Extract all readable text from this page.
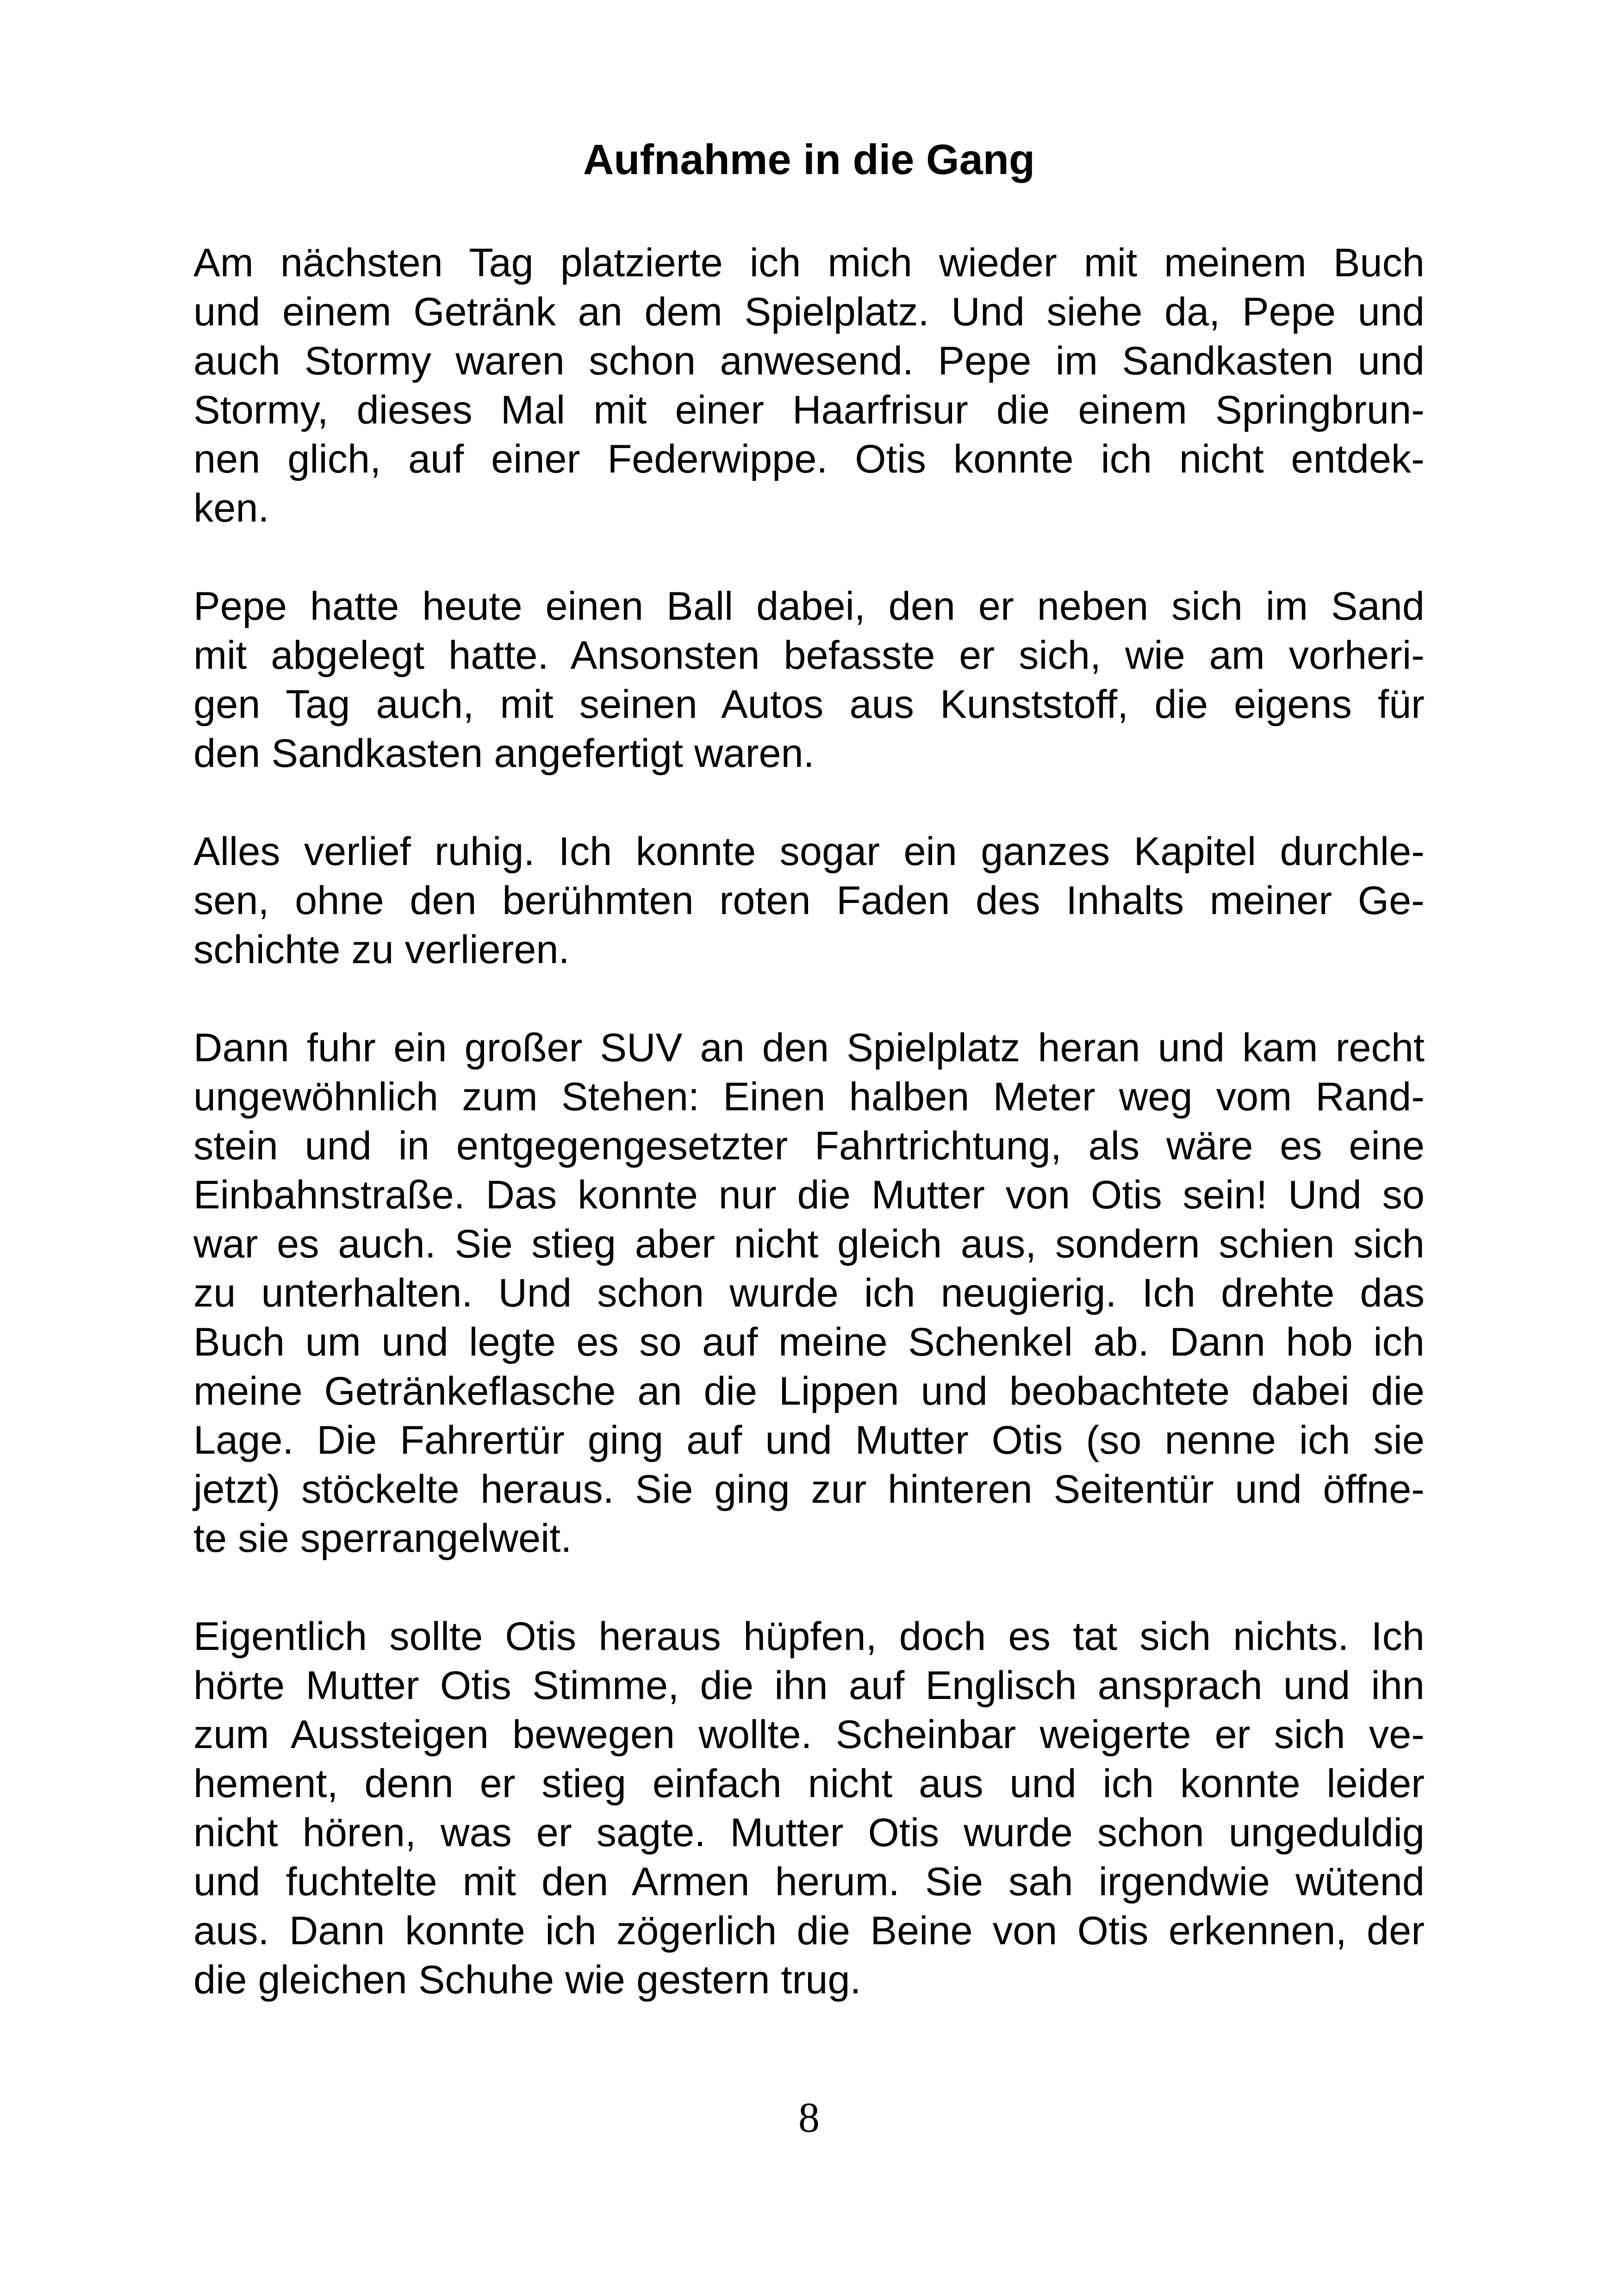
Aufnahme in die Gang

Am nächsten Tag platzierte ich mich wieder mit meinem Buch
und einem Getränk an dem Spielplatz. Und siehe da, Pepe und
auch Stormy waren schon anwesend. Pepe im Sandkasten und
Stormy, dieses Mal mit einer Haarfrisur die einem Springbrun-
nen glich, auf einer Federwippe. Otis konnte ich nicht entdek-
ken.

Pepe hatte heute einen Ball dabei, den er neben sich im Sand
mit abgelegt hatte. Ansonsten befasste er sich, wie am vorheri-
gen Tag auch, mit seinen Autos aus Kunststoff, die eigens für
den Sandkasten angefertigt waren.

Alles verlief ruhig. Ich konnte sogar ein ganzes Kapitel durchle-
sen, ohne den berühmten roten Faden des Inhalts meiner Ge-
schichte zu verlieren.

Dann fuhr ein großer SUV an den Spielplatz heran und kam recht
ungewöhnlich zum Stehen: Einen halben Meter weg vom Rand-
stein und in entgegengesetzter Fahrtrichtung, als wäre es eine
Einbahnstraße. Das konnte nur die Mutter von Otis sein! Und so
war es auch. Sie stieg aber nicht gleich aus, sondern schien sich
zu unterhalten. Und schon wurde ich neugierig. Ich drehte das
Buch um und legte es so auf meine Schenkel ab. Dann hob ich
meine Getränkeflasche an die Lippen und beobachtete dabei die
Lage. Die Fahrertür ging auf und Mutter Otis (so nenne ich sie
jetzt) stöckelte heraus. Sie ging zur hinteren Seitentür und öffne-
te sie sperrangelweit.

Eigentlich sollte Otis heraus hüpfen, doch es tat sich nichts. Ich
hörte Mutter Otis Stimme, die ihn auf Englisch ansprach und ihn
zum Aussteigen bewegen wollte. Scheinbar weigerte er sich ve-
hement, denn er stieg einfach nicht aus und ich konnte leider
nicht hören, was er sagte. Mutter Otis wurde schon ungeduldig
und fuchtelte mit den Armen herum. Sie sah irgendwie wütend
aus. Dann konnte ich zögerlich die Beine von Otis erkennen, der
die gleichen Schuhe wie gestern trug.

8
